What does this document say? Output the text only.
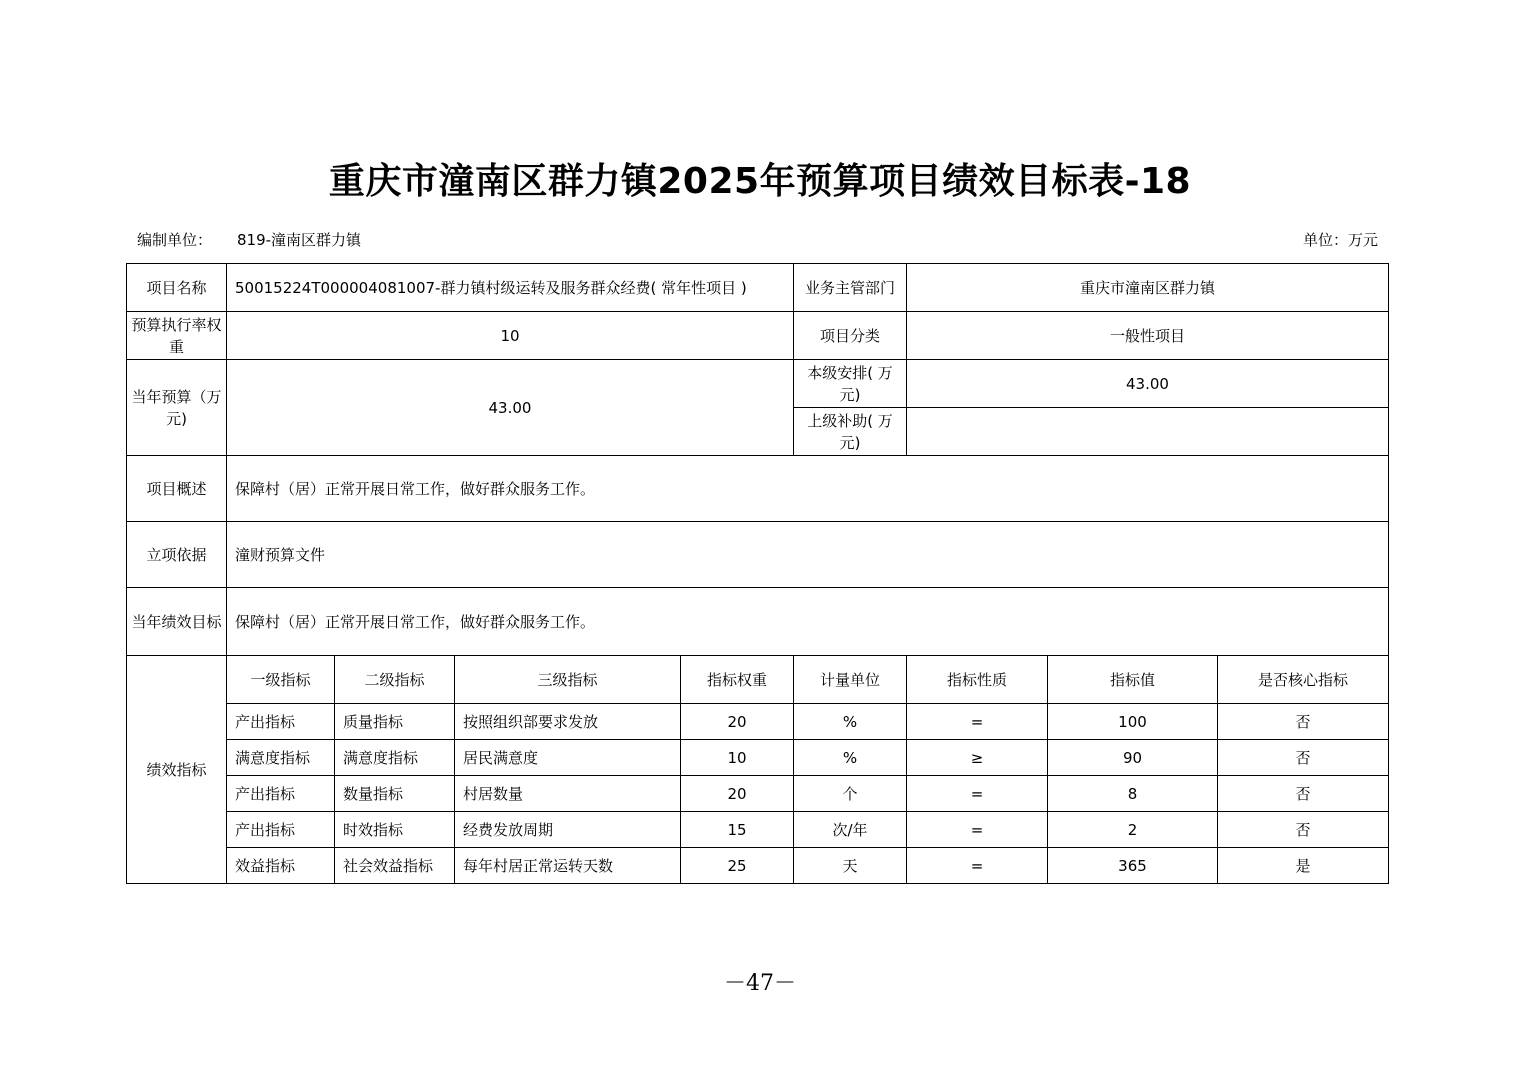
重庆市潼南区群力镇2025年预算项目绩效目标表-18
编制单位： 819-潼南区群力镇	单位：万元
项目名称	50015224T000004081007-群力镇村级运转及服务群众经费( 常年性项目 )				业务主管部门	重庆市潼南区群力镇		
预算执行率权重	10				项目分类	一般性项目		
当年预算（万元)	43.00				本级安排( 万元)	43.00		
					上级补助( 万元)			
项目概述	保障村（居）正常开展日常工作，做好群众服务工作。							
立项依据	潼财预算文件							
当年绩效目标	保障村（居）正常开展日常工作，做好群众服务工作。							
绩效指标	一级指标	二级指标	三级指标	指标权重	计量单位	指标性质	指标值	是否核心指标
	产出指标	质量指标	按照组织部要求发放	20	%	=	100	否
	满意度指标	满意度指标	居民满意度	10	%	≥	90	否
	产出指标	数量指标	村居数量	20	个	=	8	否
	产出指标	时效指标	经费发放周期	15	次/年	=	2	否
	效益指标	社会效益指标	每年村居正常运转天数	25	天	=	365	是
－47－
